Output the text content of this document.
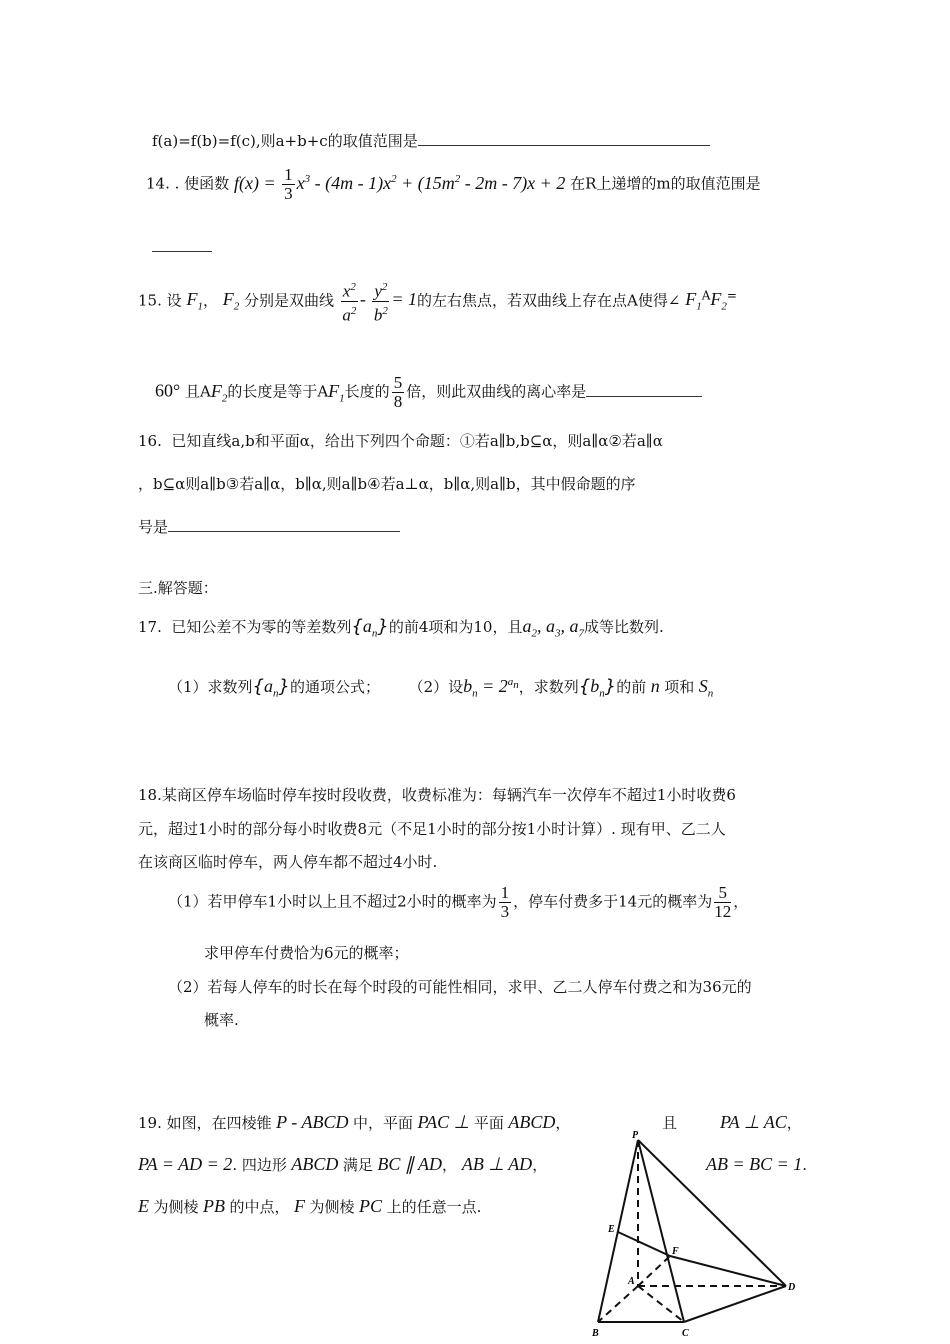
f(a)=f(b)=f(c),则a+b+c的取值范围是
14. . 使函数 $f(x) = \frac{1}{3} x^3 - (4m - 1)x^2 + (15m^2 - 2m - 7)x + 2$ 在R上递增的m的取值范围是
15. 设 $F_1$， $F_2$ 分别是双曲线 $\frac{x^2}{a^2} - \frac{y^2}{b^2} = 1$的左右焦点，若双曲线上存在点A使得∠ $F_1^AF_2^=$
60° 且$AF_2$的长度是等于$AF_1$长度的 $\frac{5}{8}$ 倍，则此双曲线的离心率是
16. 已知直线a,b和平面α，给出下列四个命题：①若a∥b,b⊆α，则a∥α②若a∥α
，b⊆α则a∥b③若a∥α，b∥α,则a∥b④若a⊥α，b∥α,则a∥b，其中假命题的序
号是
三.解答题：
17. 已知公差不为零的等差数列$\{a_n\}$的前4项和为10，且$a_2$, $a_3$, $a_7$成等比数列.
（1）求数列$\{a_n\}$的通项公式； （2）设$b_n = 2^{a_n}$，求数列$\{b_n\}$的前 n 项和 $S_n$
18.某商区停车场临时停车按时段收费，收费标准为：每辆汽车一次停车不超过1小时收费6
元，超过1小时的部分每小时收费8元（不足1小时的部分按1小时计算）. 现有甲、乙二人
在该商区临时停车，两人停车都不超过4小时.
（1）若甲停车1小时以上且不超过2小时的概率为 $\frac{1}{3}$ ，停车付费多于14元的概率为 $\frac{5}{12}$ ，
求甲停车付费恰为6元的概率；
（2）若每人停车的时长在每个时段的可能性相同，求甲、乙二人停车付费之和为36元的
概率.
19. 如图，在四棱锥 P - ABCD 中，平面 PAC ⊥ 平面 ABCD，	且 PA ⊥ AC，
PA = AD = 2. 四边形 ABCD 满足 BC ∥ AD， AB ⊥ AD，	AB = BC = 1.
E 为侧棱 PB 的中点， F 为侧棱 PC 上的任意一点.
P
E
F
A
D
B	C
